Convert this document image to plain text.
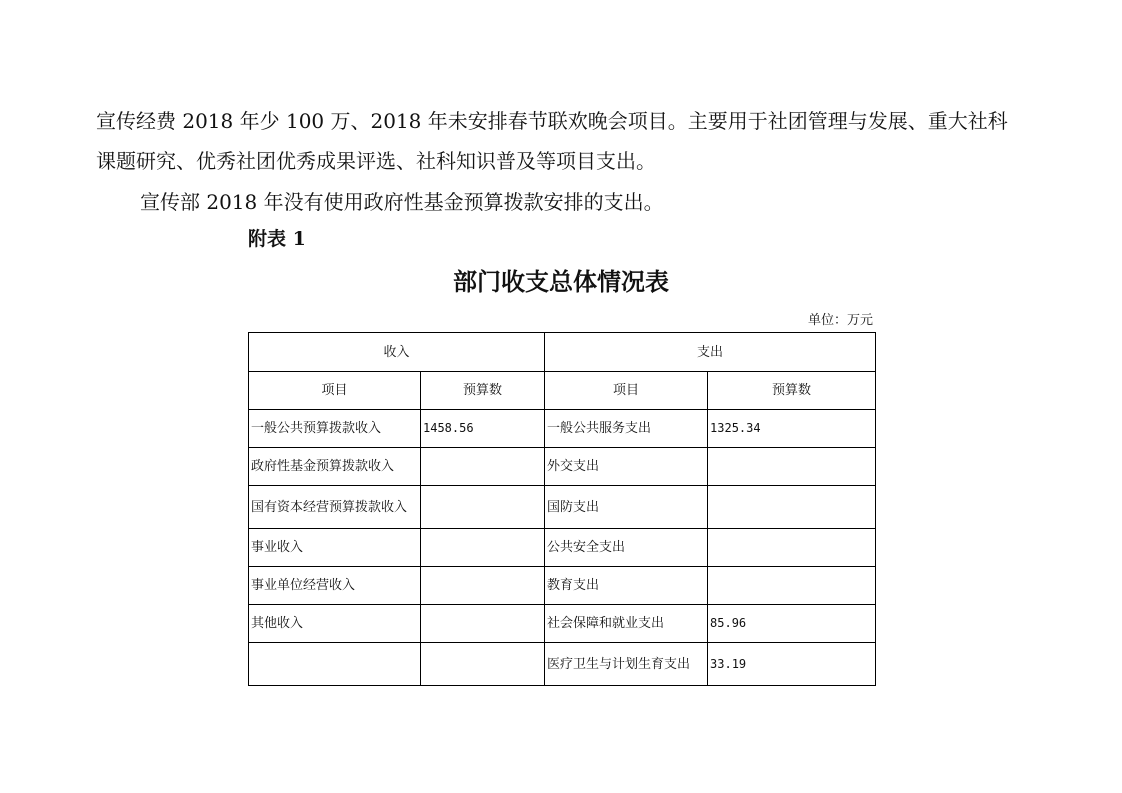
宣传经费 2018 年少 100 万、2018 年未安排春节联欢晚会项目。主要用于社团管理与发展、重大社科

课题研究、优秀社团优秀成果评选、社科知识普及等项目支出。

宣传部 2018 年没有使用政府性基金预算拨款安排的支出。

附表 1

部门收支总体情况表

单位：万元

收入		支出	
项目	预算数	项目	预算数
一般公共预算拨款收入	1458.56	一般公共服务支出	1325.34
政府性基金预算拨款收入		外交支出	
国有资本经营预算拨款收入		国防支出	
事业收入		公共安全支出	
事业单位经营收入		教育支出	
其他收入		社会保障和就业支出	85.96
		医疗卫生与计划生育支出	33.19
